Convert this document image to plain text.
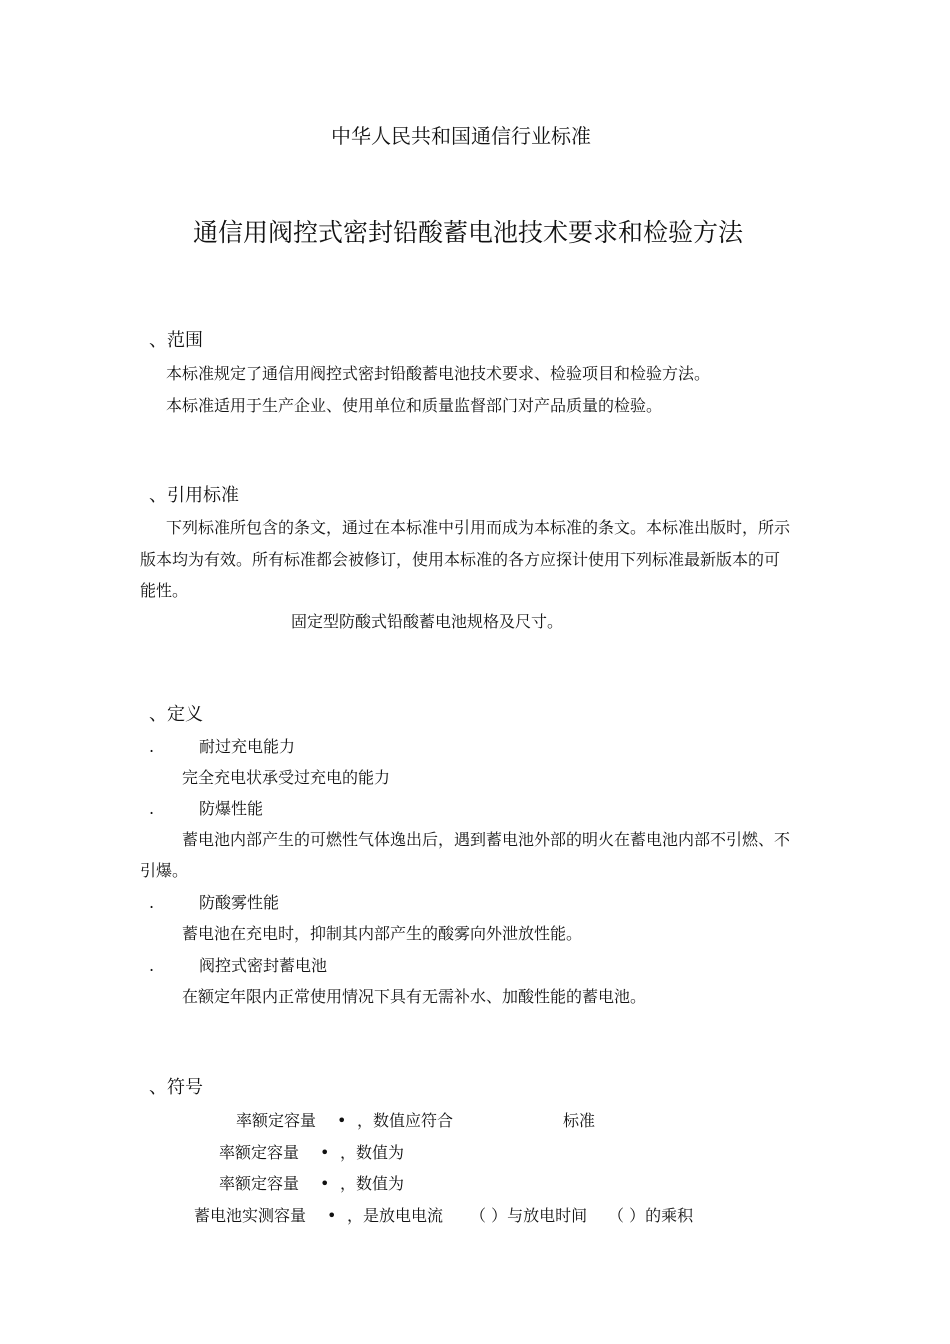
中华人民共和国通信行业标准
通信用阀控式密封铅酸蓄电池技术要求和检验方法
、范围
本标准规定了通信用阀控式密封铅酸蓄电池技术要求、检验项目和检验方法。
本标准适用于生产企业、使用单位和质量监督部门对产品质量的检验。
、引用标准
下列标准所包含的条文，通过在本标准中引用而成为本标准的条文。本标准出版时，所示
版本均为有效。所有标准都会被修订，使用本标准的各方应探计使用下列标准最新版本的可
能性。
固定型防酸式铅酸蓄电池规格及尺寸。
、定义
.	耐过充电能力
完全充电状承受过充电的能力
.	防爆性能
蓄电池内部产生的可燃性气体逸出后，遇到蓄电池外部的明火在蓄电池内部不引燃、不
引爆。
.	防酸雾性能
蓄电池在充电时，抑制其内部产生的酸雾向外泄放性能。
.	阀控式密封蓄电池
在额定年限内正常使用情况下具有无需补水、加酸性能的蓄电池。
、符号
率额定容量 • ，数值应符合	标准
率额定容量 • ，数值为
率额定容量 • ，数值为
蓄电池实测容量 • ，是放电电流 （ ）与放电时间 （ ）的乘积
